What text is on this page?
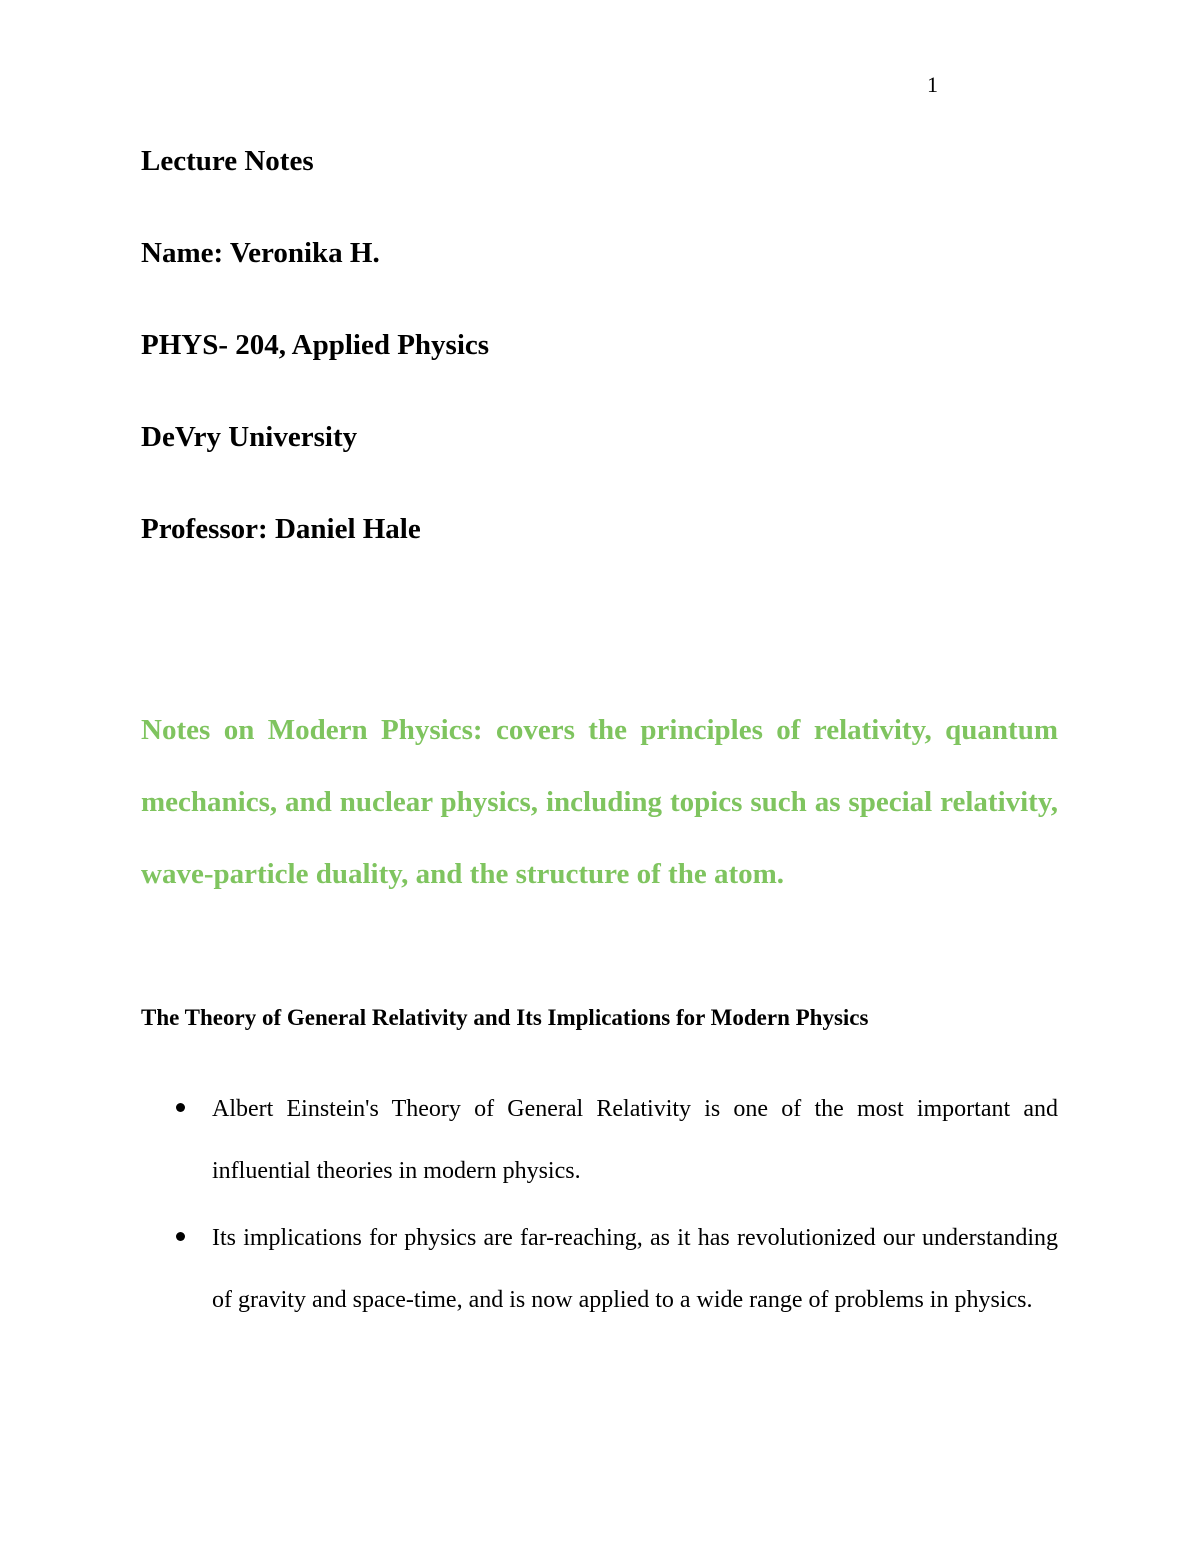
1
Lecture Notes
Name: Veronika H.
PHYS- 204, Applied Physics
DeVry University
Professor: Daniel Hale

Notes on Modern Physics: covers the principles of relativity, quantum mechanics, and nuclear physics, including topics such as special relativity, wave-particle duality, and the structure of the atom.

The Theory of General Relativity and Its Implications for Modern Physics
Albert Einstein's Theory of General Relativity is one of the most important and influential theories in modern physics.
Its implications for physics are far-reaching, as it has revolutionized our understanding of gravity and space-time, and is now applied to a wide range of problems in physics.
